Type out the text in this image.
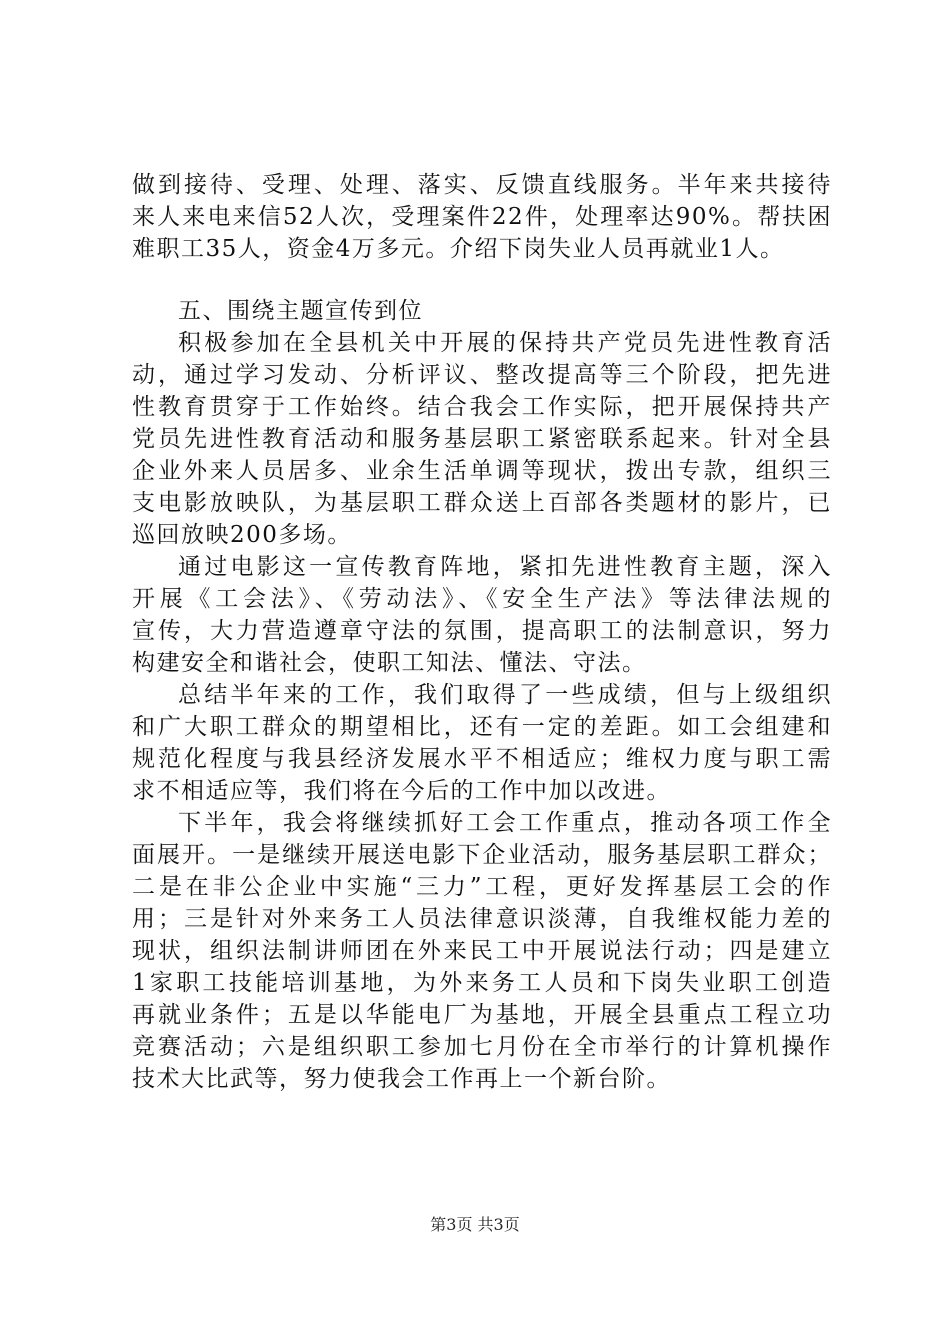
做到接待、受理、处理、落实、反馈直线服务。半年来共接待
来人来电来信52人次，受理案件22件，处理率达90%。帮扶困
难职工35人，资金4万多元。介绍下岗失业人员再就业1人。
五、围绕主题宣传到位
积极参加在全县机关中开展的保持共产党员先进性教育活
动，通过学习发动、分析评议、整改提高等三个阶段，把先进
性教育贯穿于工作始终。结合我会工作实际，把开展保持共产
党员先进性教育活动和服务基层职工紧密联系起来。针对全县
企业外来人员居多、业余生活单调等现状，拨出专款，组织三
支电影放映队，为基层职工群众送上百部各类题材的影片，已
巡回放映200多场。
通过电影这一宣传教育阵地，紧扣先进性教育主题，深入
开展《工会法》、《劳动法》、《安全生产法》等法律法规的
宣传，大力营造遵章守法的氛围，提高职工的法制意识，努力
构建安全和谐社会，使职工知法、懂法、守法。
总结半年来的工作，我们取得了一些成绩，但与上级组织
和广大职工群众的期望相比，还有一定的差距。如工会组建和
规范化程度与我县经济发展水平不相适应；维权力度与职工需
求不相适应等，我们将在今后的工作中加以改进。
下半年，我会将继续抓好工会工作重点，推动各项工作全
面展开。一是继续开展送电影下企业活动，服务基层职工群众；
二是在非公企业中实施“三力”工程，更好发挥基层工会的作
用；三是针对外来务工人员法律意识淡薄，自我维权能力差的
现状，组织法制讲师团在外来民工中开展说法行动；四是建立
1家职工技能培训基地，为外来务工人员和下岗失业职工创造
再就业条件；五是以华能电厂为基地，开展全县重点工程立功
竞赛活动；六是组织职工参加七月份在全市举行的计算机操作
技术大比武等，努力使我会工作再上一个新台阶。
第3页 共3页
